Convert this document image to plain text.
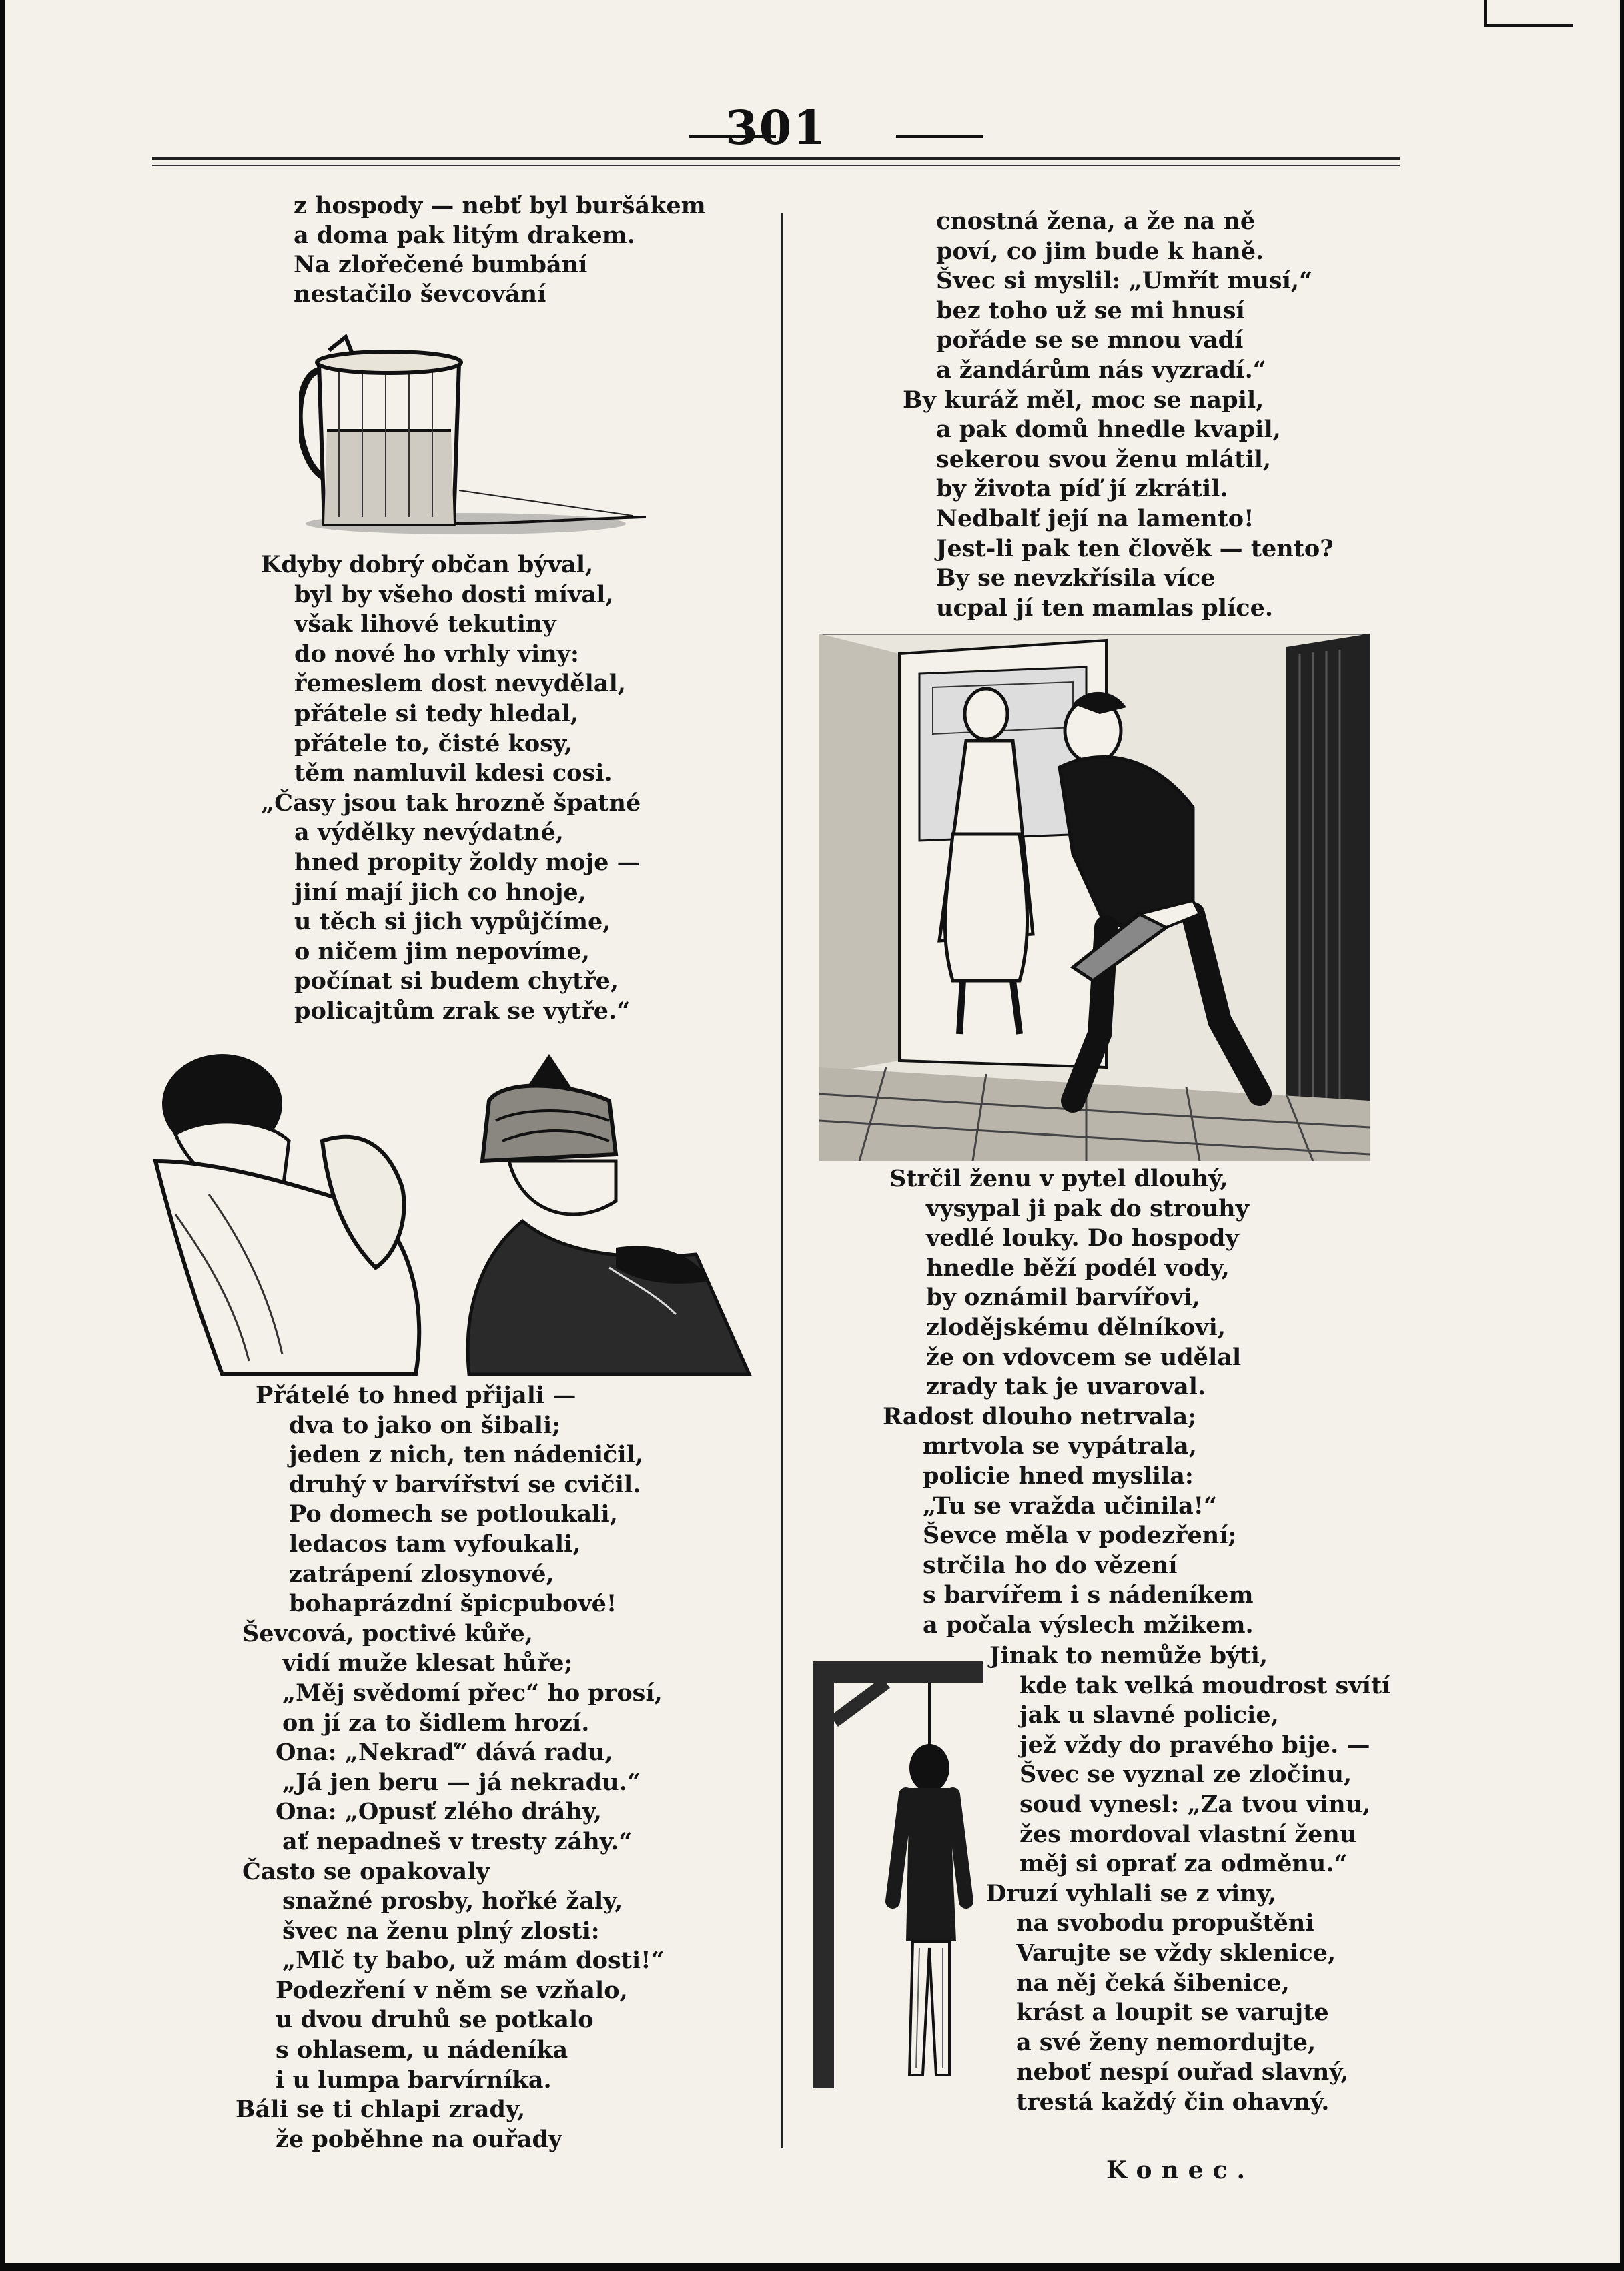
301
z hospody — nebť byl buršákem
a doma pak litým drakem.
Na zlořečené bumbání
nestačilo ševcování
Kdyby dobrý občan býval,
byl by všeho dosti míval,
však lihové tekutiny
do nové ho vrhly viny:
řemeslem dost nevydělal,
přátele si tedy hledal,
přátele to, čisté kosy,
těm namluvil kdesi cosi.
„Časy jsou tak hrozně špatné
a výdělky nevýdatné,
hned propity žoldy moje —
jiní mají jich co hnoje,
u těch si jich vypůjčíme,
o ničem jim nepovíme,
počínat si budem chytře,
policajtům zrak se vytře.“
Přátelé to hned přijali —
dva to jako on šibali;
jeden z nich, ten nádeničil,
druhý v barvířství se cvičil.
Po domech se potloukali,
ledacos tam vyfoukali,
zatrápení zlosynové,
bohaprázdní špicpubové!
Ševcová, poctivé kůře,
vidí muže klesat hůře;
„Měj svědomí přec“ ho prosí,
on jí za to šidlem hrozí.
Ona: „Nekraď“ dává radu,
„Já jen beru — já nekradu.“
Ona: „Opusť zlého dráhy,
ať nepadneš v tresty záhy.“
Často se opakovaly
snažné prosby, hořké žaly,
švec na ženu plný zlosti:
„Mlč ty babo, už mám dosti!“
Podezření v něm se vzňalo,
u dvou druhů se potkalo
s ohlasem, u nádeníka
i u lumpa barvírníka.
Báli se ti chlapi zrady,
že poběhne na ouřady
cnostná žena, a že na ně
poví, co jim bude k haně.
Švec si myslil: „Umřít musí,“
bez toho už se mi hnusí
pořáde se se mnou vadí
a žandárům nás vyzradí.“
By kuráž měl, moc se napil,
a pak domů hnedle kvapil,
sekerou svou ženu mlátil,
by života píď jí zkrátil.
Nedbalť její na lamento!
Jest-li pak ten člověk — tento?
By se nevzkřísila více
ucpal jí ten mamlas plíce.
Strčil ženu v pytel dlouhý,
vysypal ji pak do strouhy
vedlé louky. Do hospody
hnedle běží podél vody,
by oznámil barvířovi,
zlodějskému dělníkovi,
že on vdovcem se udělal
zrady tak je uvaroval.
Radost dlouho netrvala;
mrtvola se vypátrala,
policie hned myslila:
„Tu se vražda učinila!“
Ševce měla v podezření;
strčila ho do vězení
s barvířem i s nádeníkem
a počala výslech mžikem.
Jinak to nemůže býti,
kde tak velká moudrost svítí
jak u slavné policie,
jež vždy do pravého bije. —
Švec se vyznal ze zločinu,
soud vynesl: „Za tvou vinu,
žes mordoval vlastní ženu
měj si oprať za odměnu.“
Druzí vyhlali se z viny,
na svobodu propuštěni
Varujte se vždy sklenice,
na něj čeká šibenice,
krást a loupit se varujte
a své ženy nemordujte,
neboť nespí ouřad slavný,
trestá každý čin ohavný.
Konec.
